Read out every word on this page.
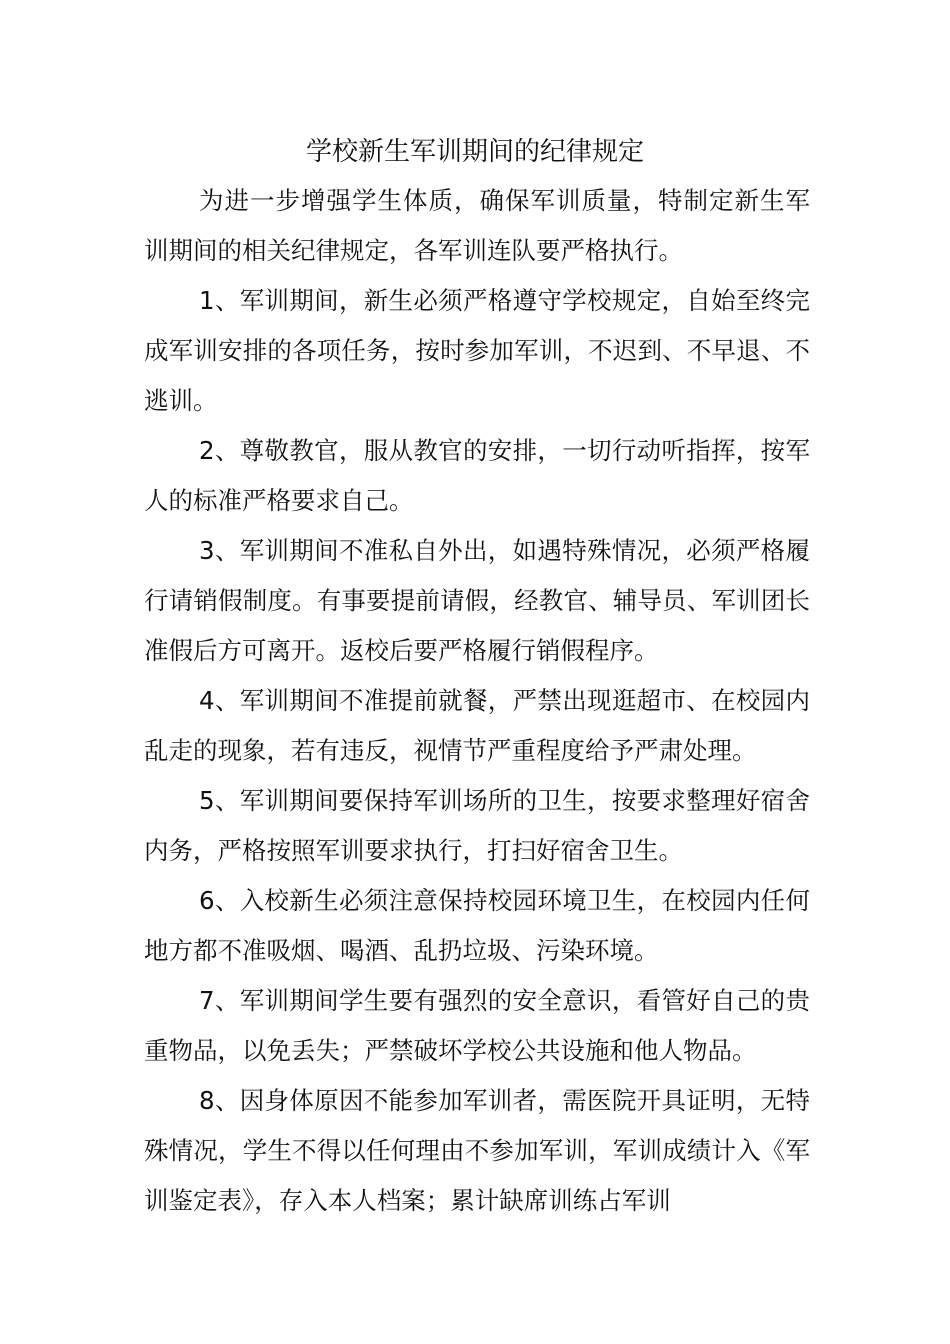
学校新生军训期间的纪律规定

为进一步增强学生体质，确保军训质量，特制定新生军训期间的相关纪律规定，各军训连队要严格执行。

1、军训期间，新生必须严格遵守学校规定，自始至终完成军训安排的各项任务，按时参加军训，不迟到、不早退、不逃训。

2、尊敬教官，服从教官的安排，一切行动听指挥，按军人的标准严格要求自己。

3、军训期间不准私自外出，如遇特殊情况，必须严格履行请销假制度。有事要提前请假，经教官、辅导员、军训团长准假后方可离开。返校后要严格履行销假程序。

4、军训期间不准提前就餐，严禁出现逛超市、在校园内乱走的现象，若有违反，视情节严重程度给予严肃处理。

5、军训期间要保持军训场所的卫生，按要求整理好宿舍内务，严格按照军训要求执行，打扫好宿舍卫生。

6、入校新生必须注意保持校园环境卫生，在校园内任何地方都不准吸烟、喝酒、乱扔垃圾、污染环境。

7、军训期间学生要有强烈的安全意识，看管好自己的贵重物品，以免丢失；严禁破坏学校公共设施和他人物品。

8、因身体原因不能参加军训者，需医院开具证明，无特殊情况，学生不得以任何理由不参加军训，军训成绩计入《军训鉴定表》，存入本人档案；累计缺席训练占军训
